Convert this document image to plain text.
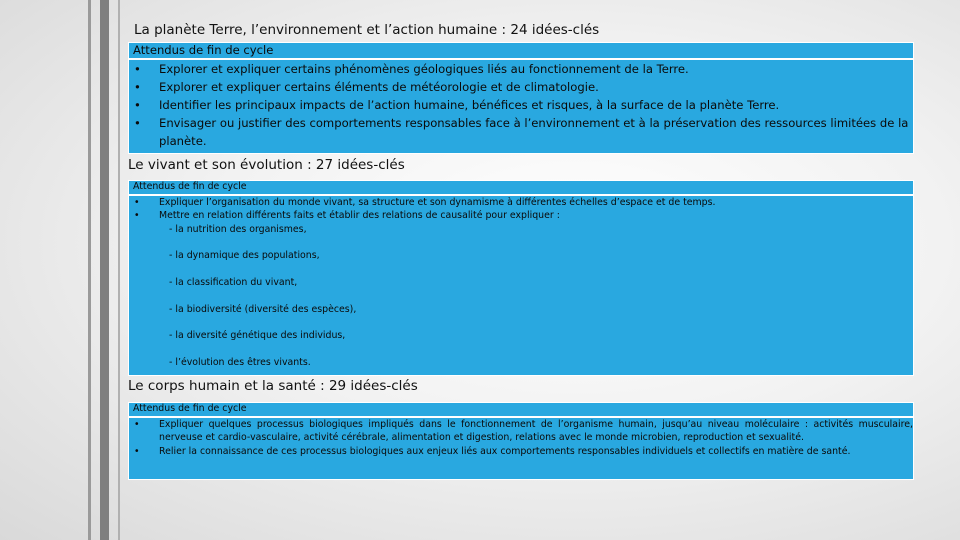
La planète Terre, l’environnement et l’action humaine : 24 idées-clés
Attendus de fin de cycle
• Explorer et expliquer certains phénomènes géologiques liés au fonctionnement de la Terre.
• Explorer et expliquer certains éléments de météorologie et de climatologie.
• Identifier les principaux impacts de l’action humaine, bénéfices et risques, à la surface de la planète Terre.
• Envisager ou justifier des comportements responsables face à l’environnement et à la préservation des ressources limitées de la planète.
Le vivant et son évolution : 27 idées-clés
Attendus de fin de cycle
• Expliquer l’organisation du monde vivant, sa structure et son dynamisme à différentes échelles d’espace et de temps.
• Mettre en relation différents faits et établir des relations de causalité pour expliquer :
- la nutrition des organismes,
- la dynamique des populations,
- la classification du vivant,
- la biodiversité (diversité des espèces),
- la diversité génétique des individus,
- l’évolution des êtres vivants.
Le corps humain et la santé : 29 idées-clés
Attendus de fin de cycle
• Expliquer quelques processus biologiques impliqués dans le fonctionnement de l’organisme humain, jusqu’au niveau moléculaire : activités musculaire, nerveuse et cardio-vasculaire, activité cérébrale, alimentation et digestion, relations avec le monde microbien, reproduction et sexualité.
• Relier la connaissance de ces processus biologiques aux enjeux liés aux comportements responsables individuels et collectifs en matière de santé.
